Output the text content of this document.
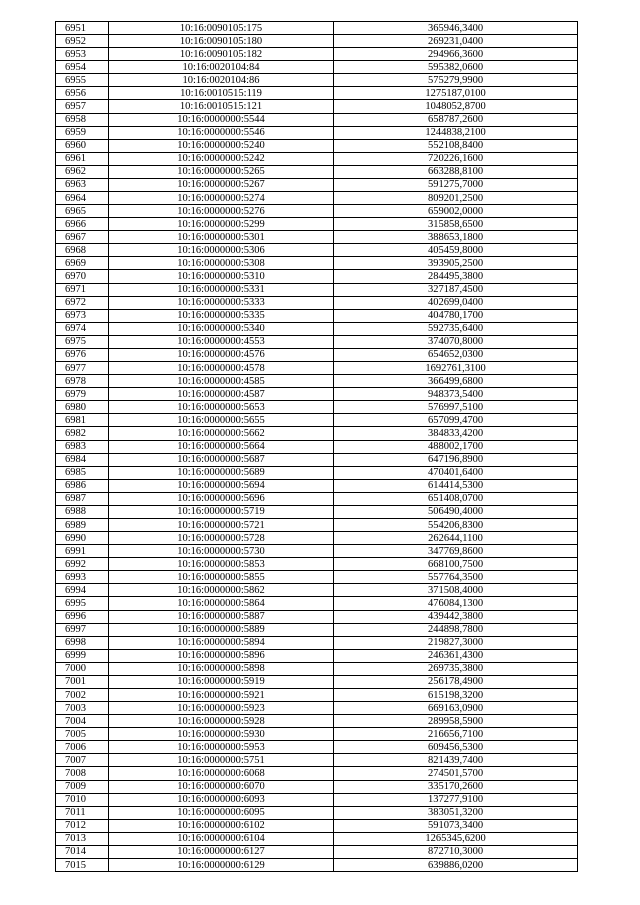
6951	10:16:0090105:175	365946,3400
6952	10:16:0090105:180	269231,0400
6953	10:16:0090105:182	294966,3600
6954	10:16:0020104:84	595382,0600
6955	10:16:0020104:86	575279,9900
6956	10:16:0010515:119	1275187,0100
6957	10:16:0010515:121	1048052,8700
6958	10:16:0000000:5544	658787,2600
6959	10:16:0000000:5546	1244838,2100
6960	10:16:0000000:5240	552108,8400
6961	10:16:0000000:5242	720226,1600
6962	10:16:0000000:5265	663288,8100
6963	10:16:0000000:5267	591275,7000
6964	10:16:0000000:5274	809201,2500
6965	10:16:0000000:5276	659002,0000
6966	10:16:0000000:5299	315858,6500
6967	10:16:0000000:5301	388653,1800
6968	10:16:0000000:5306	405459,8000
6969	10:16:0000000:5308	393905,2500
6970	10:16:0000000:5310	284495,3800
6971	10:16:0000000:5331	327187,4500
6972	10:16:0000000:5333	402699,0400
6973	10:16:0000000:5335	404780,1700
6974	10:16:0000000:5340	592735,6400
6975	10:16:0000000:4553	374070,8000
6976	10:16:0000000:4576	654652,0300
6977	10:16:0000000:4578	1692761,3100
6978	10:16:0000000:4585	366499,6800
6979	10:16:0000000:4587	948373,5400
6980	10:16:0000000:5653	576997,5100
6981	10:16:0000000:5655	657099,4700
6982	10:16:0000000:5662	384833,4200
6983	10:16:0000000:5664	488002,1700
6984	10:16:0000000:5687	647196,8900
6985	10:16:0000000:5689	470401,6400
6986	10:16:0000000:5694	614414,5300
6987	10:16:0000000:5696	651408,0700
6988	10:16:0000000:5719	506490,4000
6989	10:16:0000000:5721	554206,8300
6990	10:16:0000000:5728	262644,1100
6991	10:16:0000000:5730	347769,8600
6992	10:16:0000000:5853	668100,7500
6993	10:16:0000000:5855	557764,3500
6994	10:16:0000000:5862	371508,4000
6995	10:16:0000000:5864	476084,1300
6996	10:16:0000000:5887	439442,3800
6997	10:16:0000000:5889	244898,7800
6998	10:16:0000000:5894	219827,3000
6999	10:16:0000000:5896	246361,4300
7000	10:16:0000000:5898	269735,3800
7001	10:16:0000000:5919	256178,4900
7002	10:16:0000000:5921	615198,3200
7003	10:16:0000000:5923	669163,0900
7004	10:16:0000000:5928	289958,5900
7005	10:16:0000000:5930	216656,7100
7006	10:16:0000000:5953	609456,5300
7007	10:16:0000000:5751	821439,7400
7008	10:16:0000000:6068	274501,5700
7009	10:16:0000000:6070	335170,2600
7010	10:16:0000000:6093	137277,9100
7011	10:16:0000000:6095	383051,3200
7012	10:16:0000000:6102	591073,3400
7013	10:16:0000000:6104	1265345,6200
7014	10:16:0000000:6127	872710,3000
7015	10:16:0000000:6129	639886,0200
